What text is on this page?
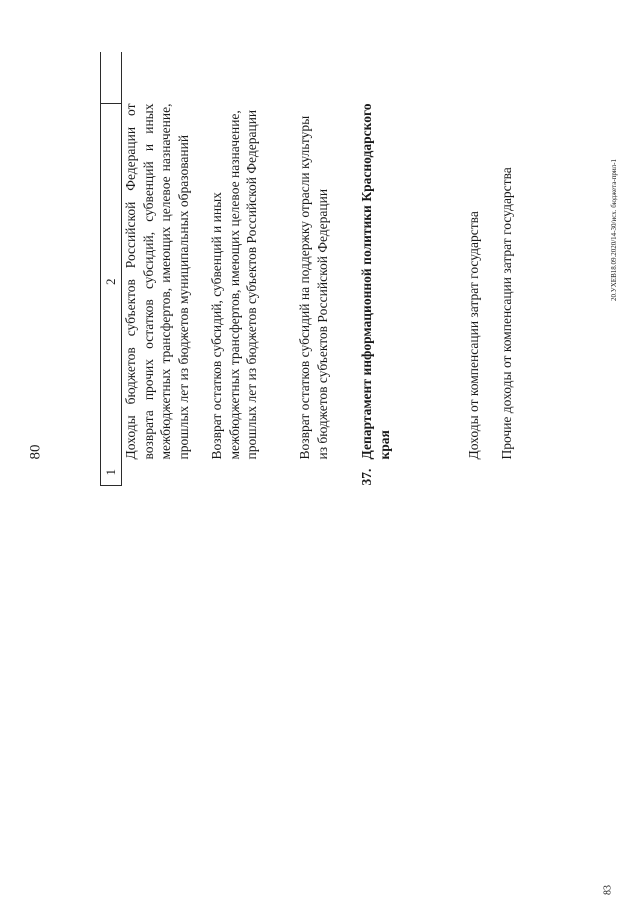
80
20.УХЕВ18.09.2020/14-30/исх. бюджета-прил-1
83
1	2			
	Доходы бюджетов субъектов Российской Федерации от возврата прочих остатков субсидий, субвенций и иных межбюджетных трансфертов, имеющих целевое назначение, прошлых лет из бюджетов муниципальных образований			
	Возврат остатков субсидий, субвенций и иных межбюджетных трансфертов, имеющих целевое назначение, прошлых лет из бюджетов субъектов Российской Федерации			
	Возврат остатков субсидий на поддержку отрасли культуры из бюджетов субъектов Российской Федерации			
37.	Департамент информационной политики Краснодарского края			
	Доходы от компенсации затрат государства			
	Прочие доходы от компенсации затрат государства			
